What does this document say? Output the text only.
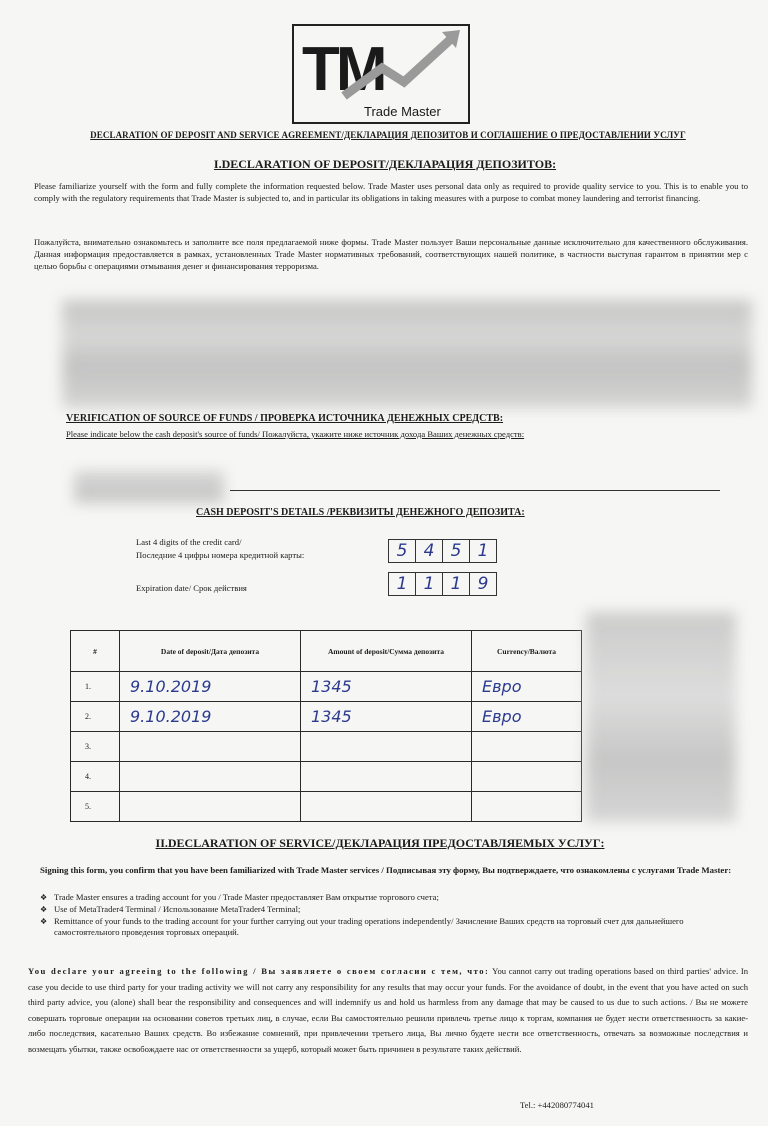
TM
Trade Master
DECLARATION OF DEPOSIT AND SERVICE AGREEMENT/ДЕКЛАРАЦИЯ ДЕПОЗИТОВ И СОГЛАШЕНИЕ О ПРЕДОСТАВЛЕНИИ УСЛУГ
I.DECLARATION OF DEPOSIT/ДЕКЛАРАЦИЯ ДЕПОЗИТОВ:
Please familiarize yourself with the form and fully complete the information requested below. Trade Master uses personal data only as required to provide quality service to you. This is to enable you to comply with the regulatory requirements that Trade Master is subjected to, and in particular its obligations in taking measures with a purpose to combat money laundering and terrorist financing.
Пожалуйста, внимательно ознакомьтесь и заполните все поля предлагаемой ниже формы. Trade Master пользует Ваши персональные данные исключительно для качественного обслуживания. Данная информация предоставляется в рамках, установленных Trade Master нормативных требований, соответствующих нашей политике, в частности выступая гарантом в принятии мер с целью борьбы с операциями отмывания денег и финансирования терроризма.
VERIFICATION OF SOURCE OF FUNDS / ПРОВЕРКА ИСТОЧНИКА ДЕНЕЖНЫХ СРЕДСТВ:
Please indicate below the cash deposit's source of funds/ Пожалуйста, укажите ниже источник дохода Ваших денежных средств:
CASH DEPOSIT'S DETAILS /РЕКВИЗИТЫ ДЕНЕЖНОГО ДЕПОЗИТА:
Last 4 digits of the credit card/
Последние 4 цифры номера кредитной карты:	5 4 5 1
Expiration date/ Срок действия	1 1 1 9
#	Date of deposit/Дата депозита	Amount of deposit/Сумма депозита	Currency/Валюта
1.	9.10.2019	1345	Евро
2.	9.10.2019	1345	Евро
3.			
4.			
5.			
II.DECLARATION OF SERVICE/ДЕКЛАРАЦИЯ ПРЕДОСТАВЛЯЕМЫХ УСЛУГ:
Signing this form, you confirm that you have been familiarized with Trade Master services / Подписывая эту форму, Вы подтверждаете, что ознакомлены с услугами Trade Master:
❖ Trade Master ensures a trading account for you / Trade Master предоставляет Вам открытие торгового счета;
❖ Use of MetaTrader4 Terminal / Использование MetaTrader4 Terminal;
❖ Remittance of your funds to the trading account for your further carrying out your trading operations independently/ Зачисление Ваших средств на торговый счет для дальнейшего самостоятельного проведения торговых операций.
You declare your agreeing to the following / Вы заявляете о своем согласии с тем, что: You cannot carry out trading operations based on third parties' advice. In case you decide to use third party for your trading activity we will not carry any responsibility for any results that may occur your funds. For the avoidance of doubt, in the event that you have acted on such third party advice, you (alone) shall bear the responsibility and consequences and will indemnify us and hold us harmless from any damage that may be caused to us due to such actions. / Вы не можете совершать торговые операции на основании советов третьих лиц, в случае, если Вы самостоятельно решили привлечь третье лицо к торгам, компания не будет нести ответственность за какие-либо последствия, касательно Ваших средств. Во избежание сомнений, при привлечении третьего лица, Вы лично будете нести все ответственность, отвечать за возможные последствия и возмещать убытки, также освобождаете нас от ответственности за ущерб, который может быть причинен в результате таких действий.
Tel.: +442080774041
